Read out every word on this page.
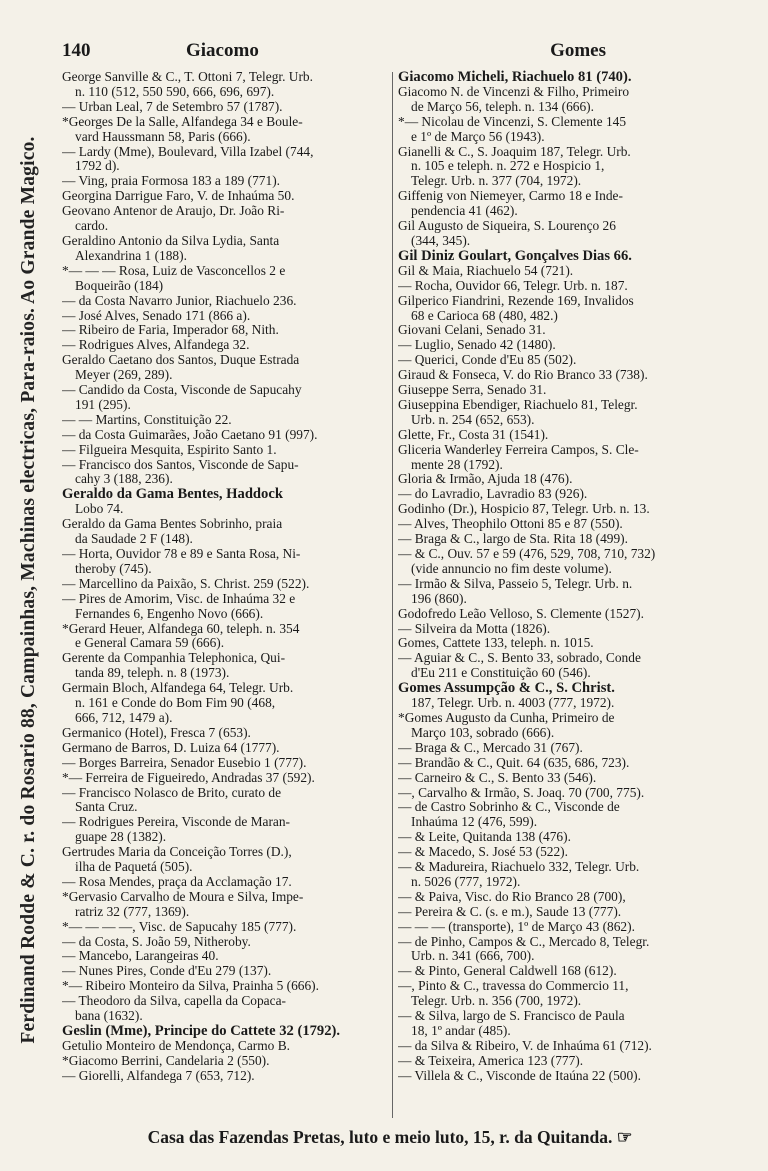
Ferdinand Rodde & C. r. do Rosario 88, Campainhas, Machinas electricas, Para-raios. Ao Grande Magico.
140	Giacomo	Gomes
George Sanville & C., T. Ottoni 7, Telegr. Urb.
n. 110 (512, 550 590, 666, 696, 697).
— Urban Leal, 7 de Setembro 57 (1787).
*Georges De la Salle, Alfandega 34 e Boule-
vard Haussmann 58, Paris (666).
— Lardy (Mme), Boulevard, Villa Izabel (744,
1792 d).
— Ving, praia Formosa 183 a 189 (771).
Georgina Darrigue Faro, V. de Inhaúma 50.
Geovano Antenor de Araujo, Dr. João Ri-
cardo.
Geraldino Antonio da Silva Lydia, Santa
Alexandrina 1 (188).
*— — — Rosa, Luiz de Vasconcellos 2 e
Boqueirão (184)
— da Costa Navarro Junior, Riachuelo 236.
— José Alves, Senado 171 (866 a).
— Ribeiro de Faria, Imperador 68, Nith.
— Rodrigues Alves, Alfandega 32.
Geraldo Caetano dos Santos, Duque Estrada
Meyer (269, 289).
— Candido da Costa, Visconde de Sapucahy
191 (295).
— — Martins, Constituição 22.
— da Costa Guimarães, João Caetano 91 (997).
— Filgueira Mesquita, Espirito Santo 1.
— Francisco dos Santos, Visconde de Sapu-
cahy 3 (188, 236).
Geraldo da Gama Bentes, Haddock
Lobo 74.
Geraldo da Gama Bentes Sobrinho, praia
da Saudade 2 F (148).
— Horta, Ouvidor 78 e 89 e Santa Rosa, Ni-
theroby (745).
— Marcellino da Paixão, S. Christ. 259 (522).
— Pires de Amorim, Visc. de Inhaúma 32 e
Fernandes 6, Engenho Novo (666).
*Gerard Heuer, Alfandega 60, teleph. n. 354
e General Camara 59 (666).
Gerente da Companhia Telephonica, Qui-
tanda 89, teleph. n. 8 (1973).
Germain Bloch, Alfandega 64, Telegr. Urb.
n. 161 e Conde do Bom Fim 90 (468,
666, 712, 1479 a).
Germanico (Hotel), Fresca 7 (653).
Germano de Barros, D. Luiza 64 (1777).
— Borges Barreira, Senador Eusebio 1 (777).
*— Ferreira de Figueiredo, Andradas 37 (592).
— Francisco Nolasco de Brito, curato de
Santa Cruz.
— Rodrigues Pereira, Visconde de Maran-
guape 28 (1382).
Gertrudes Maria da Conceição Torres (D.),
ilha de Paquetá (505).
— Rosa Mendes, praça da Acclamação 17.
*Gervasio Carvalho de Moura e Silva, Impe-
ratriz 32 (777, 1369).
*— — — —, Visc. de Sapucahy 185 (777).
— da Costa, S. João 59, Nitheroby.
— Mancebo, Larangeiras 40.
— Nunes Pires, Conde d'Eu 279 (137).
*— Ribeiro Monteiro da Silva, Prainha 5 (666).
— Theodoro da Silva, capella da Copaca-
bana (1632).
Geslin (Mme), Principe do Cattete 32 (1792).
Getulio Monteiro de Mendonça, Carmo B.
*Giacomo Berrini, Candelaria 2 (550).
— Giorelli, Alfandega 7 (653, 712).
Giacomo Micheli, Riachuelo 81 (740).
Giacomo N. de Vincenzi & Filho, Primeiro
de Março 56, teleph. n. 134 (666).
*— Nicolau de Vincenzi, S. Clemente 145
e 1º de Março 56 (1943).
Gianelli & C., S. Joaquim 187, Telegr. Urb.
n. 105 e teleph. n. 272 e Hospicio 1,
Telegr. Urb. n. 377 (704, 1972).
Giffenig von Niemeyer, Carmo 18 e Inde-
pendencia 41 (462).
Gil Augusto de Siqueira, S. Lourenço 26
(344, 345).
Gil Diniz Goulart, Gonçalves Dias 66.
Gil & Maia, Riachuelo 54 (721).
— Rocha, Ouvidor 66, Telegr. Urb. n. 187.
Gilperico Fiandrini, Rezende 169, Invalidos
68 e Carioca 68 (480, 482.)
Giovani Celani, Senado 31.
— Luglio, Senado 42 (1480).
— Querici, Conde d'Eu 85 (502).
Giraud & Fonseca, V. do Rio Branco 33 (738).
Giuseppe Serra, Senado 31.
Giuseppina Ebendiger, Riachuelo 81, Telegr.
Urb. n. 254 (652, 653).
Glette, Fr., Costa 31 (1541).
Gliceria Wanderley Ferreira Campos, S. Cle-
mente 28 (1792).
Gloria & Irmão, Ajuda 18 (476).
— do Lavradio, Lavradio 83 (926).
Godinho (Dr.), Hospicio 87, Telegr. Urb. n. 13.
— Alves, Theophilo Ottoni 85 e 87 (550).
— Braga & C., largo de Sta. Rita 18 (499).
— & C., Ouv. 57 e 59 (476, 529, 708, 710, 732)
(vide annuncio no fim deste volume).
— Irmão & Silva, Passeio 5, Telegr. Urb. n.
196 (860).
Godofredo Leão Velloso, S. Clemente (1527).
— Silveira da Motta (1826).
Gomes, Cattete 133, teleph. n. 1015.
— Aguiar & C., S. Bento 33, sobrado, Conde
d'Eu 211 e Constituição 60 (546).
Gomes Assumpção & C., S. Christ.
187, Telegr. Urb. n. 4003 (777, 1972).
*Gomes Augusto da Cunha, Primeiro de
Março 103, sobrado (666).
— Braga & C., Mercado 31 (767).
— Brandão & C., Quit. 64 (635, 686, 723).
— Carneiro & C., S. Bento 33 (546).
—, Carvalho & Irmão, S. Joaq. 70 (700, 775).
— de Castro Sobrinho & C., Visconde de
Inhaúma 12 (476, 599).
— & Leite, Quitanda 138 (476).
— & Macedo, S. José 53 (522).
— & Madureira, Riachuelo 332, Telegr. Urb.
n. 5026 (777, 1972).
— & Paiva, Visc. do Rio Branco 28 (700),
— Pereira & C. (s. e m.), Saude 13 (777).
— — — (transporte), 1º de Março 43 (862).
— de Pinho, Campos & C., Mercado 8, Telegr.
Urb. n. 341 (666, 700).
— & Pinto, General Caldwell 168 (612).
—, Pinto & C., travessa do Commercio 11,
Telegr. Urb. n. 356 (700, 1972).
— & Silva, largo de S. Francisco de Paula
18, 1º andar (485).
— da Silva & Ribeiro, V. de Inhaúma 61 (712).
— & Teixeira, America 123 (777).
— Villela & C., Visconde de Itaúna 22 (500).
Casa das Fazendas Pretas, luto e meio luto, 15, r. da Quitanda. ☞
